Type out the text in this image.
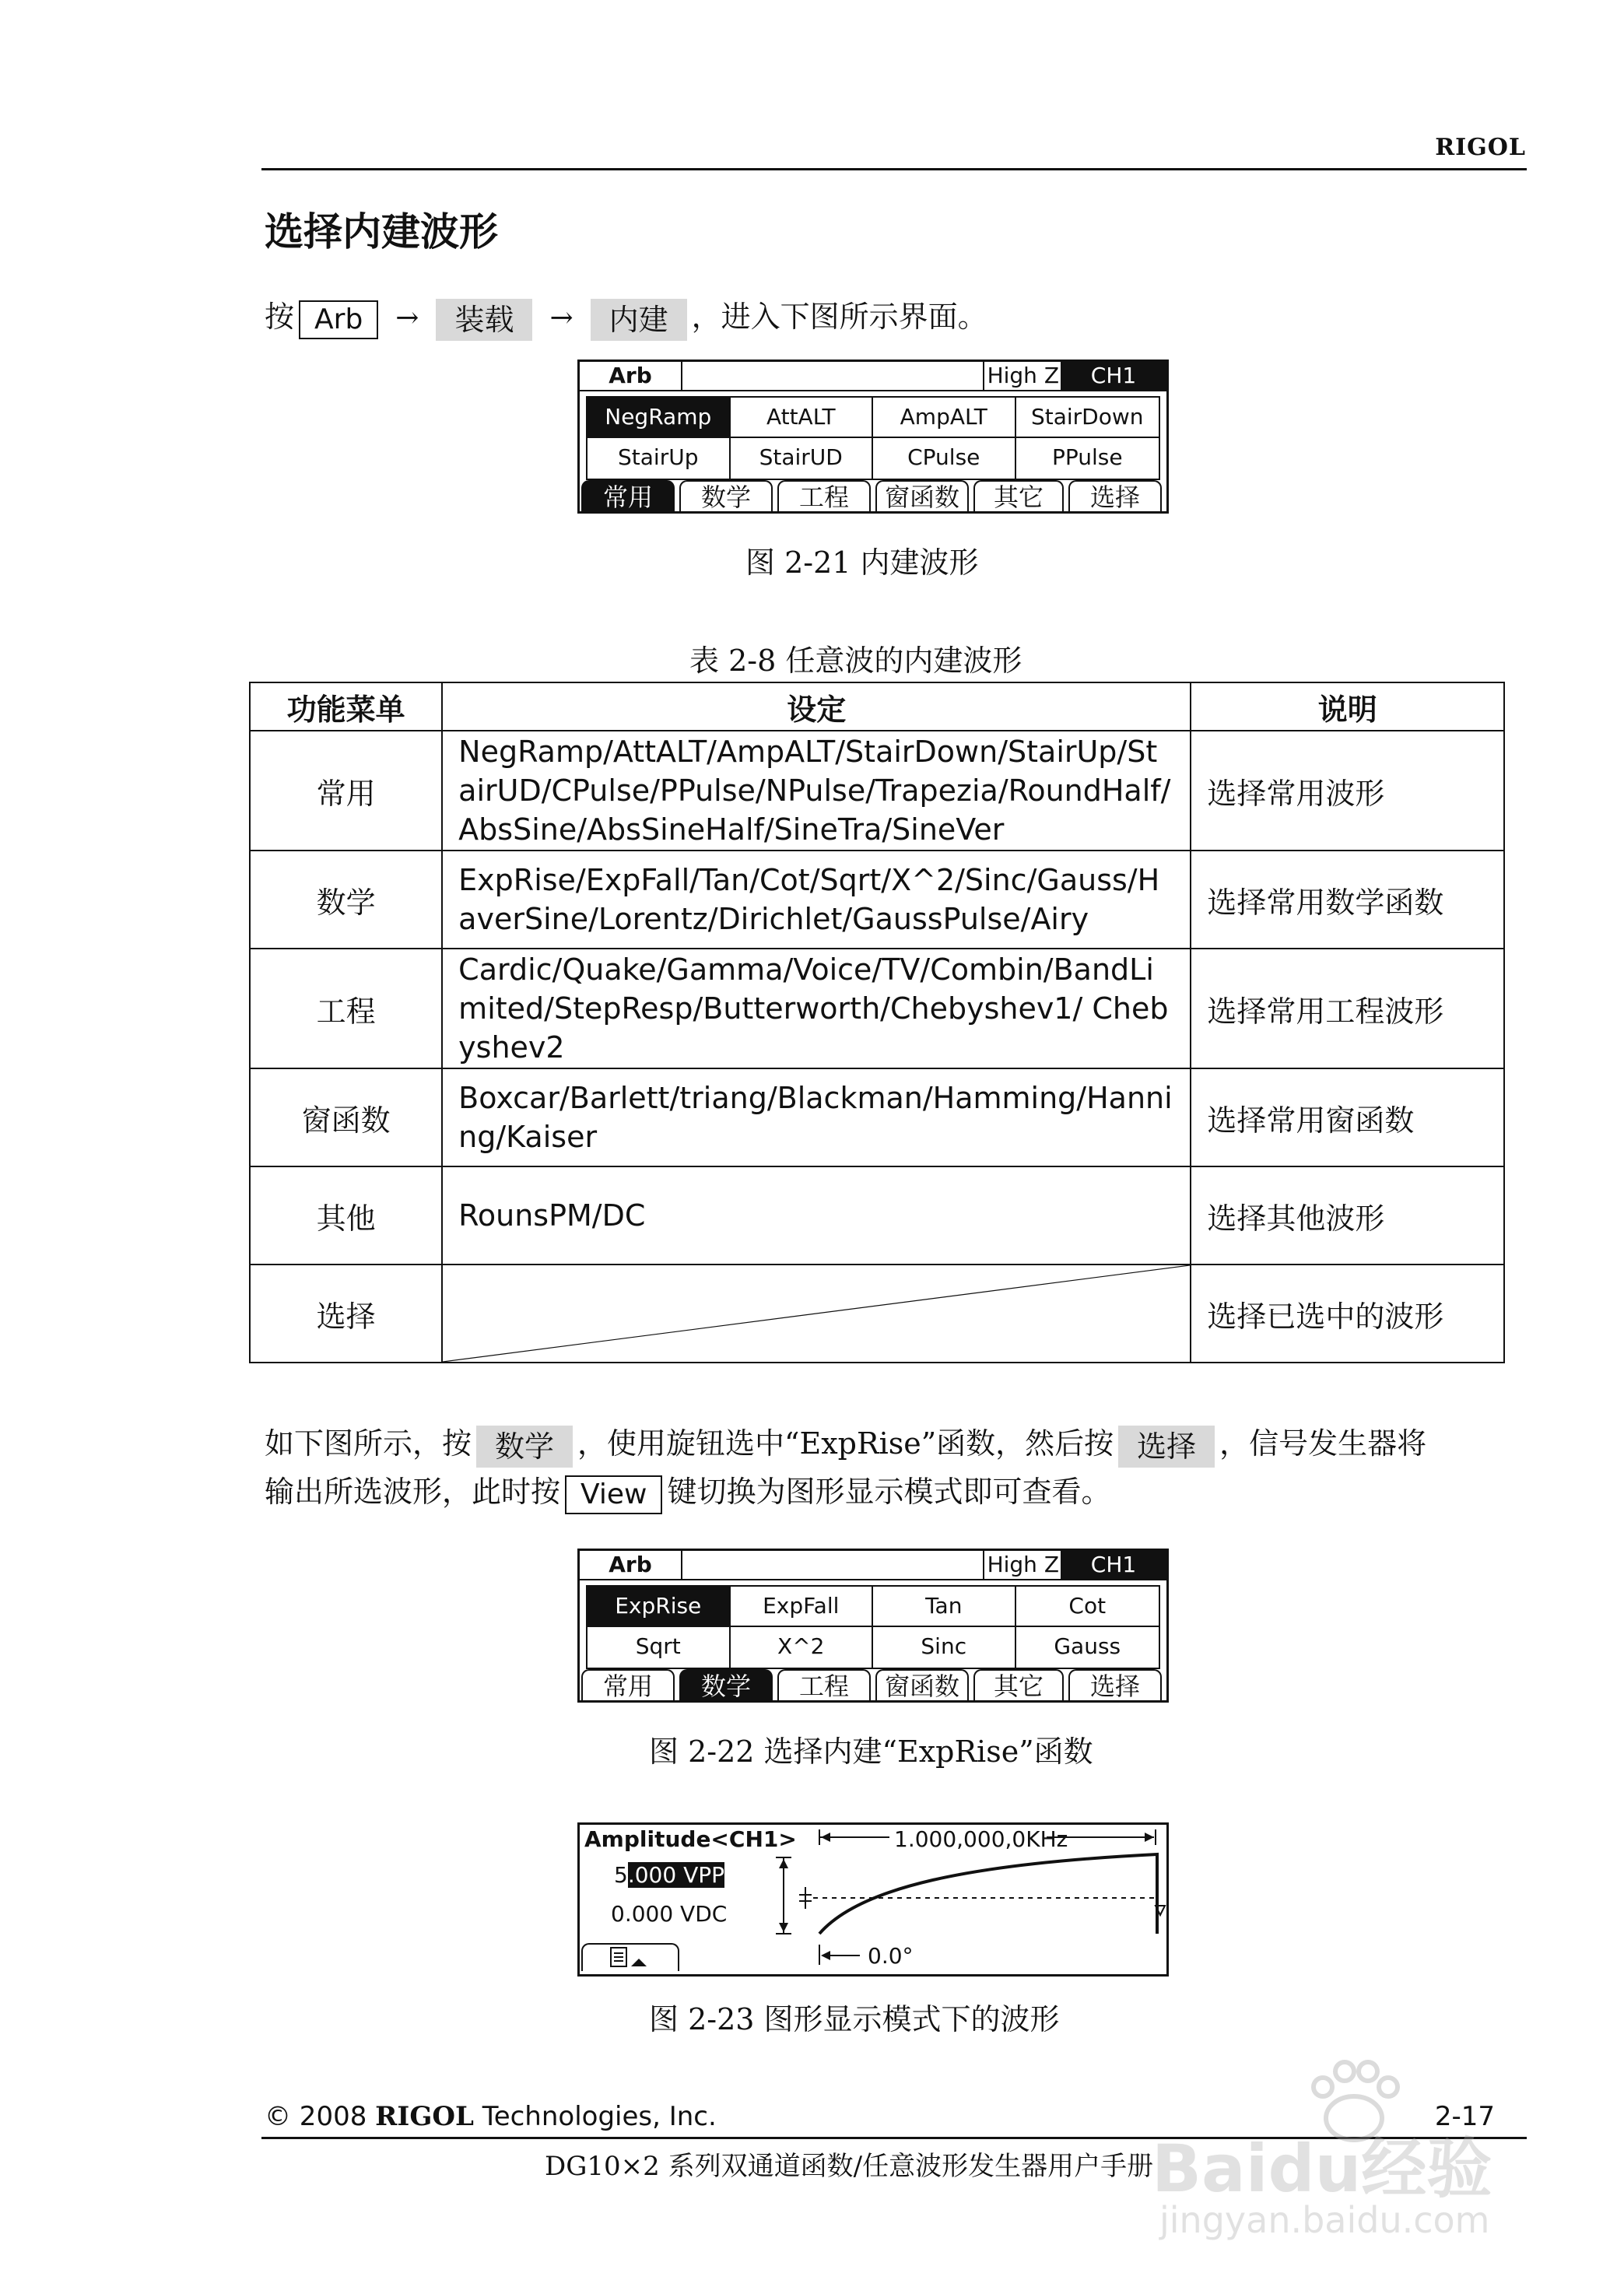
RIGOL
选择内建波形
按 Arb → 装载 → 内建 ，进入下图所示界面。
Arb	High Z	CH1
NegRamp	AttALT	AmpALT	StairDown
StairUp	StairUD	CPulse	PPulse
常用	数学	工程	窗函数	其它	选择
图 2-21 内建波形
表 2-8 任意波的内建波形
功能菜单	设定	说明
常用	NegRamp/AttALT/AmpALT/StairDown/StairUp/StairUD/CPulse/PPulse/NPulse/Trapezia/RoundHalf/AbsSine/AbsSineHalf/SineTra/SineVer	选择常用波形
数学	ExpRise/ExpFall/Tan/Cot/Sqrt/X^2/Sinc/Gauss/HaverSine/Lorentz/Dirichlet/GaussPulse/Airy	选择常用数学函数
工程	Cardic/Quake/Gamma/Voice/TV/Combin/BandLimited/StepResp/Butterworth/Chebyshev1/ Chebyshev2	选择常用工程波形
窗函数	Boxcar/Barlett/triang/Blackman/Hamming/Hanning/Kaiser	选择常用窗函数
其他	RounsPM/DC	选择其他波形
选择		选择已选中的波形
如下图所示，按 数学 ，使用旋钮选中“ExpRise”函数，然后按 选择 ，信号发生器将
输出所选波形，此时按 View 键切换为图形显示模式即可查看。
Arb	High Z	CH1
ExpRise	ExpFall	Tan	Cot
Sqrt	X^2	Sinc	Gauss
常用	数学	工程	窗函数	其它	选择
图 2-22 选择内建“ExpRise”函数
Amplitude<CH1>	1.000,000,0KHz
5.000 VPP
0.000 VDC
0.0°
图 2-23 图形显示模式下的波形
© 2008 RIGOL Technologies, Inc.	2-17
DG10×2 系列双通道函数/任意波形发生器用户手册
Baidu经验
jingyan.baidu.com
